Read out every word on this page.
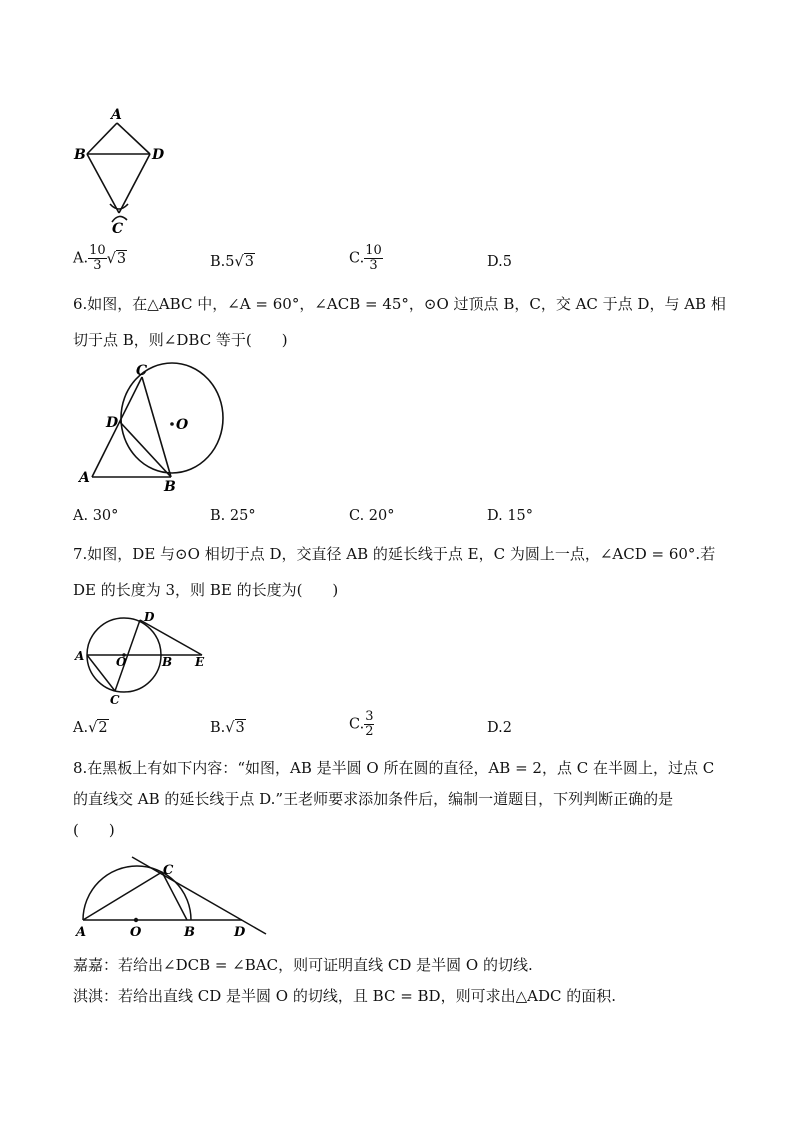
A
B	D
C
A. $\frac{10}{3} √3$	B.5√3	C. $\frac{10}{3}$	D.5
6.如图，在△ABC 中，∠A = 60°，∠ACB = 45°，⊙O 过顶点 B，C，交 AC 于点 D，与 AB 相
切于点 B，则∠DBC 等于(　　)
C
D	O
A
B
A. 30°	B. 25°	C. 20°	D. 15°
7.如图，DE 与⊙O 相切于点 D，交直径 AB 的延长线于点 E，C 为圆上一点，∠ACD = 60°.若
DE 的长度为 3，则 BE 的长度为(　　)
D
A	O	B E
C
A.√2	B.√3	C. $\frac{3}{2}$	D.2
8.在黑板上有如下内容：“如图，AB 是半圆 O 所在圆的直径，AB = 2，点 C 在半圆上，过点 C
的直线交 AB 的延长线于点 D.”王老师要求添加条件后，编制一道题目，下列判断正确的是
(　　)
C
A	O	B	D
嘉嘉：若给出∠DCB = ∠BAC，则可证明直线 CD 是半圆 O 的切线.
淇淇：若给出直线 CD 是半圆 O 的切线，且 BC = BD，则可求出△ADC 的面积.
